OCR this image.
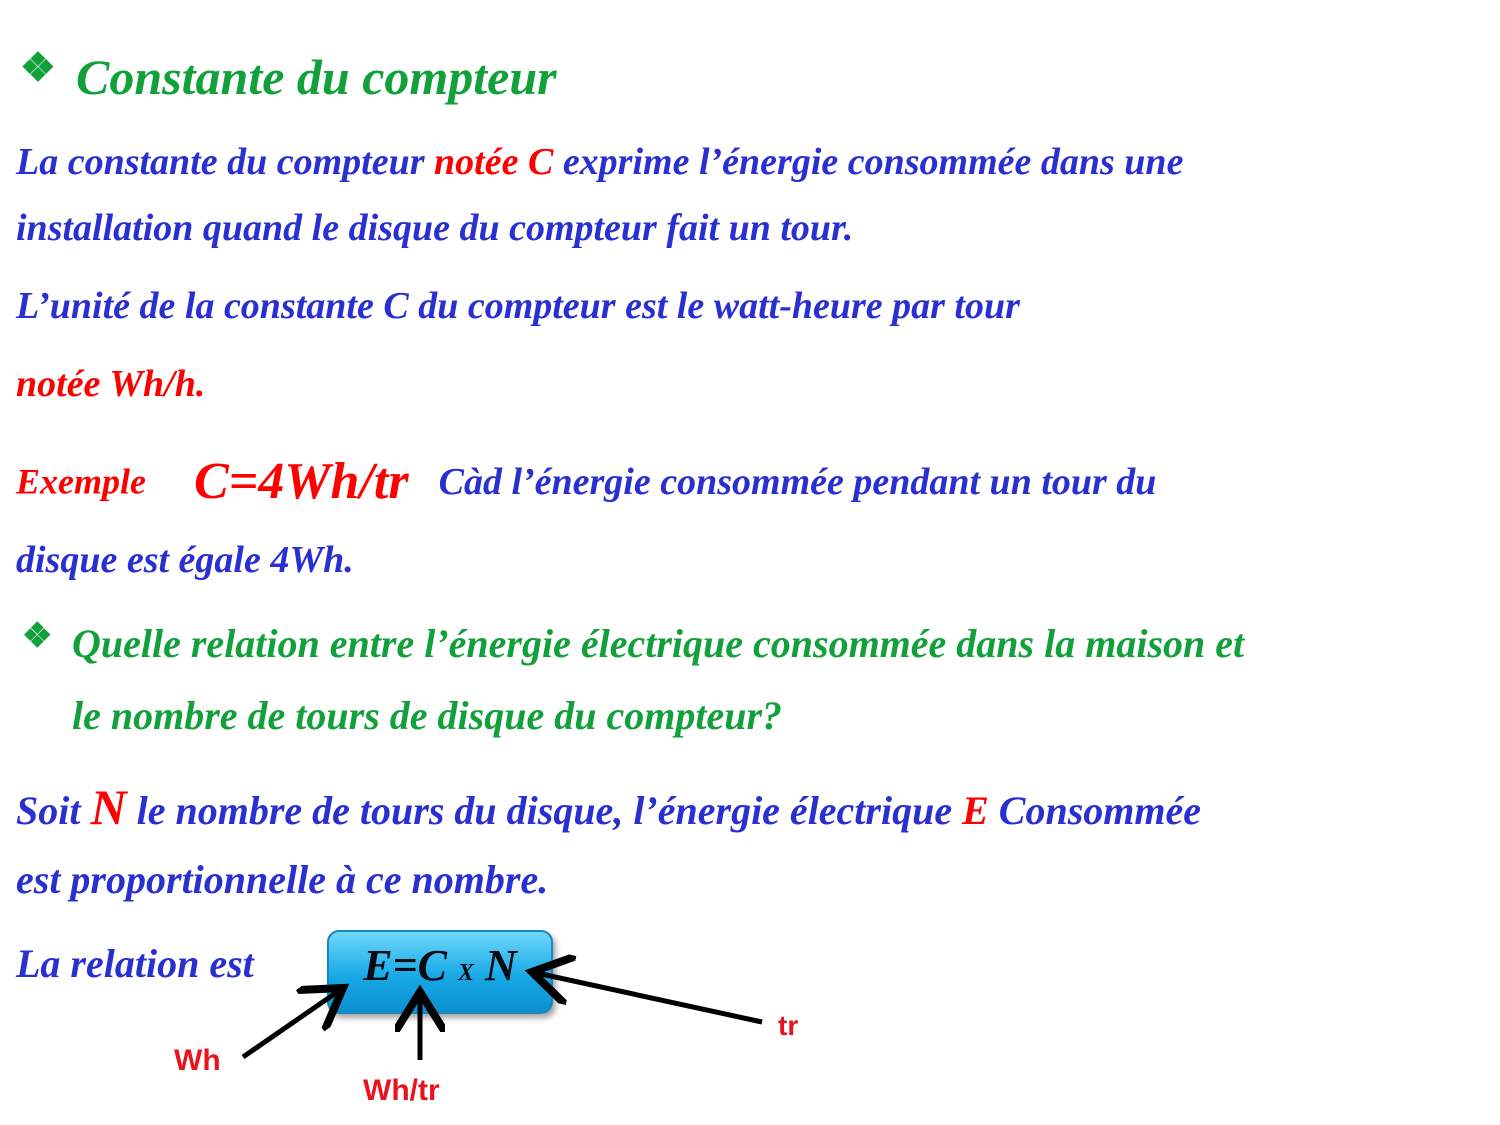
❖ Constante du compteur
La constante du compteur notée C exprime l’énergie consommée dans une
installation quand le disque du compteur fait un tour.
L’unité de la constante C du compteur est le watt-heure par tour
notée Wh/h.
Exemple C=4Wh/tr Càd l’énergie consommée pendant un tour du
disque est égale 4Wh.
❖ Quelle relation entre l’énergie électrique consommée dans la maison et
le nombre de tours de disque du compteur?
Soit N le nombre de tours du disque, l’énergie électrique E Consommée
est proportionnelle à ce nombre.
La relation est	E=C X N
Wh
Wh/tr
tr
